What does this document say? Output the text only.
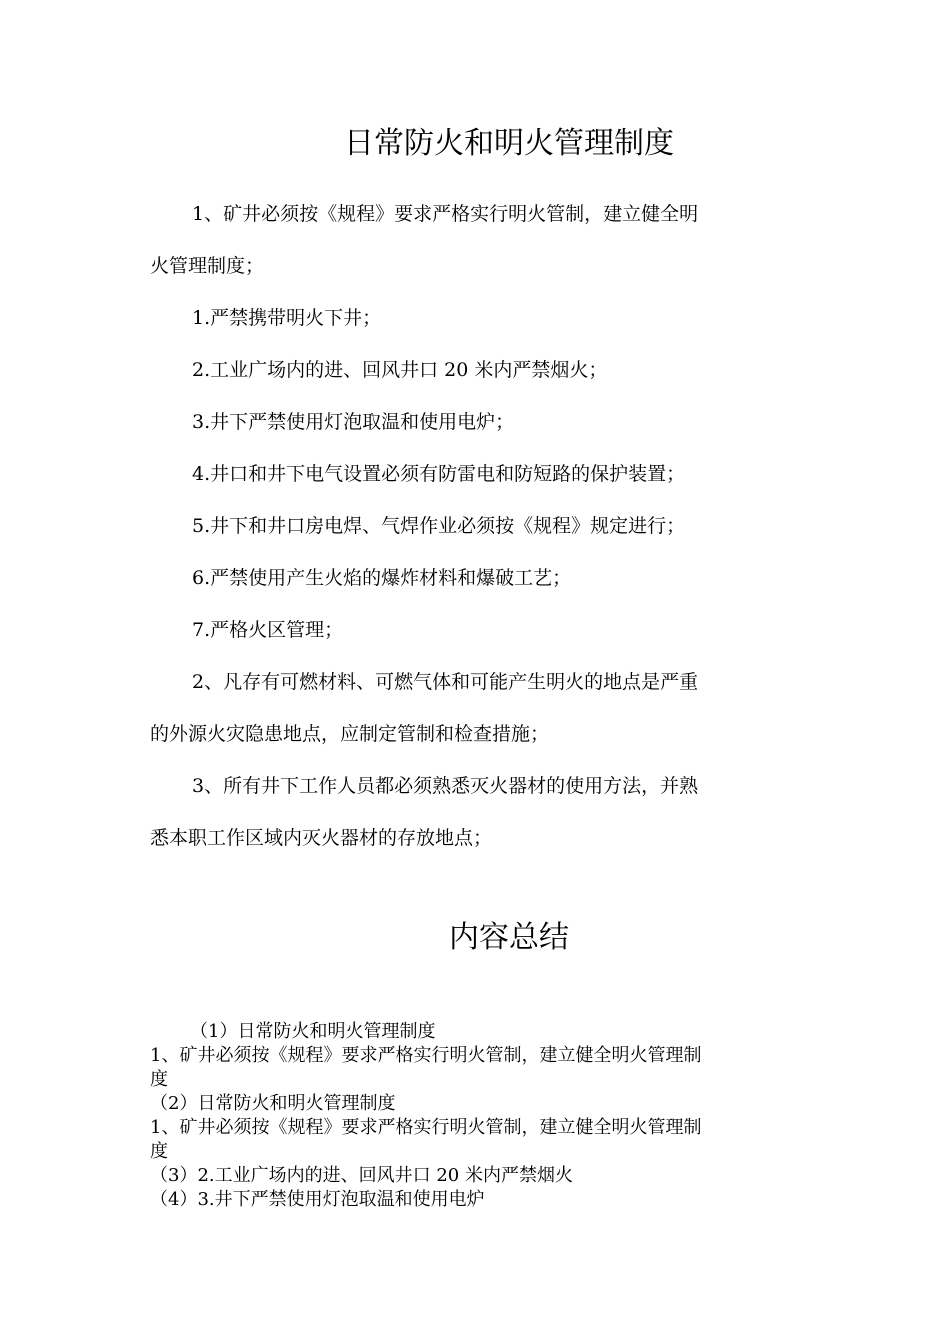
日常防火和明火管理制度
1、矿井必须按《规程》要求严格实行明火管制，建立健全明
火管理制度；
1.严禁携带明火下井；
2.工业广场内的进、回风井口 20 米内严禁烟火；
3.井下严禁使用灯泡取温和使用电炉；
4.井口和井下电气设置必须有防雷电和防短路的保护装置；
5.井下和井口房电焊、气焊作业必须按《规程》规定进行；
6.严禁使用产生火焰的爆炸材料和爆破工艺；
7.严格火区管理；
2、凡存有可燃材料、可燃气体和可能产生明火的地点是严重
的外源火灾隐患地点，应制定管制和检查措施；
3、所有井下工作人员都必须熟悉灭火器材的使用方法，并熟
悉本职工作区域内灭火器材的存放地点；
内容总结
（1）日常防火和明火管理制度
1、矿井必须按《规程》要求严格实行明火管制，建立健全明火管理制
度
（2）日常防火和明火管理制度
1、矿井必须按《规程》要求严格实行明火管制，建立健全明火管理制
度
（3）2.工业广场内的进、回风井口 20 米内严禁烟火
（4）3.井下严禁使用灯泡取温和使用电炉
